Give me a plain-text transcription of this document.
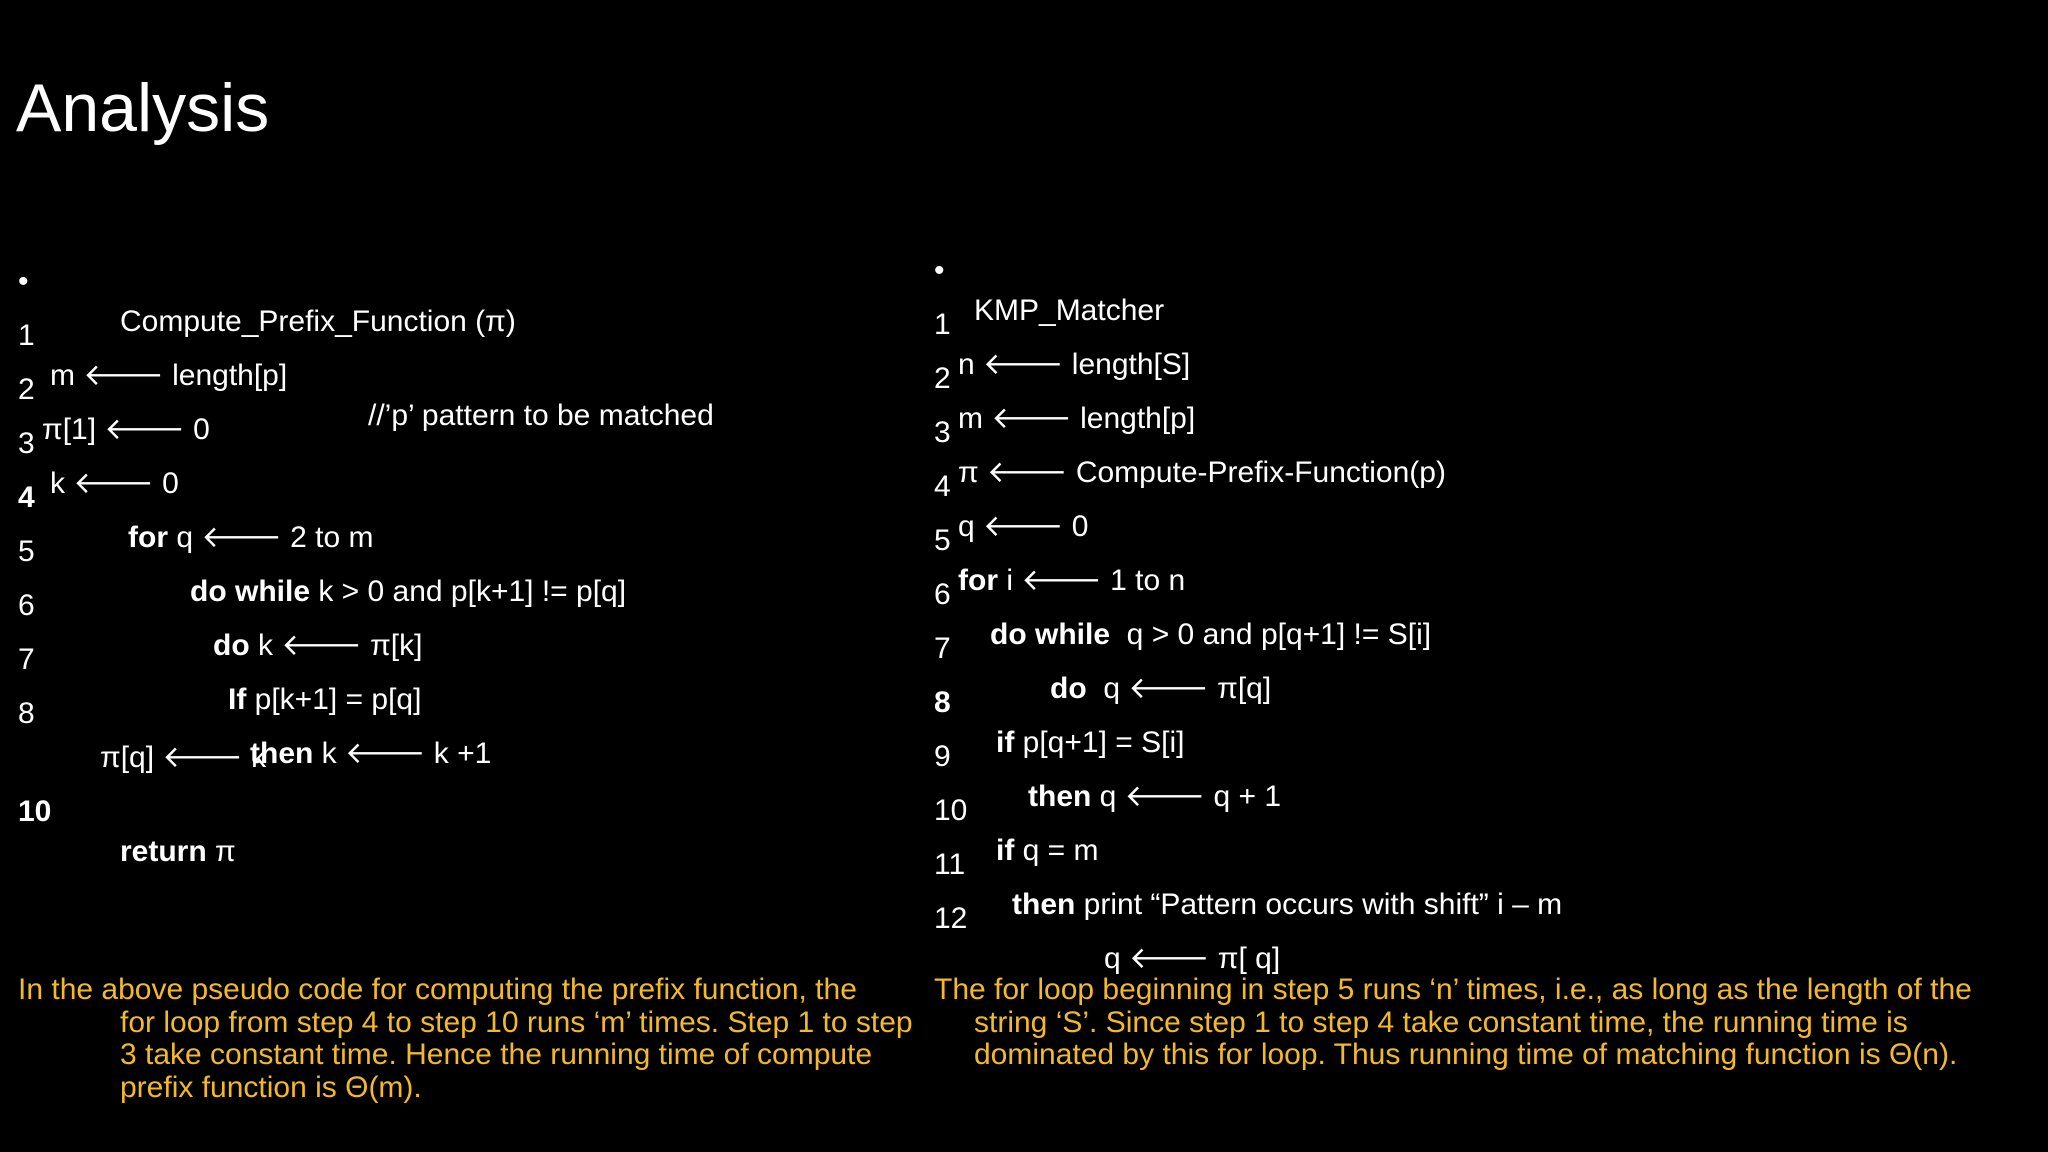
Analysis

•

Compute_Prefix_Function (π)

1

m 🡐 length[p]

//’p’ pattern to be matched

2

π[1] 🡐 0

3

k 🡐 0

4

for q 🡐 2 to m

5

do while k > 0 and p[k+1] != p[q]

6

do k 🡐 π[k]

7

If p[k+1] = p[q]

8

then k 🡐 k +1

π[q] 🡐 k

10

return π

•

KMP_Matcher

1

n 🡐 length[S]

2

m 🡐 length[p]

3

π 🡐 Compute-Prefix-Function(p)

4

q 🡐 0

5

for i 🡐 1 to n

6

do while  q > 0 and p[q+1] != S[i]

7

do  q 🡐 π[q]

8

if p[q+1] = S[i]

9

then q 🡐 q + 1

10

if q = m

11

then print “Pattern occurs with shift” i – m

12

q 🡐 π[ q]

In the above pseudo code for computing the prefix function, the
for loop from step 4 to step 10 runs ‘m’ times. Step 1 to step 3 take constant time. Hence the running time of compute prefix function is Θ(m).
The for loop beginning in step 5 runs ‘n’ times, i.e., as long as the length of the
string ‘S’. Since step 1 to step 4 take constant time, the running time is dominated by this for loop. Thus running time of matching function is Θ(n).
